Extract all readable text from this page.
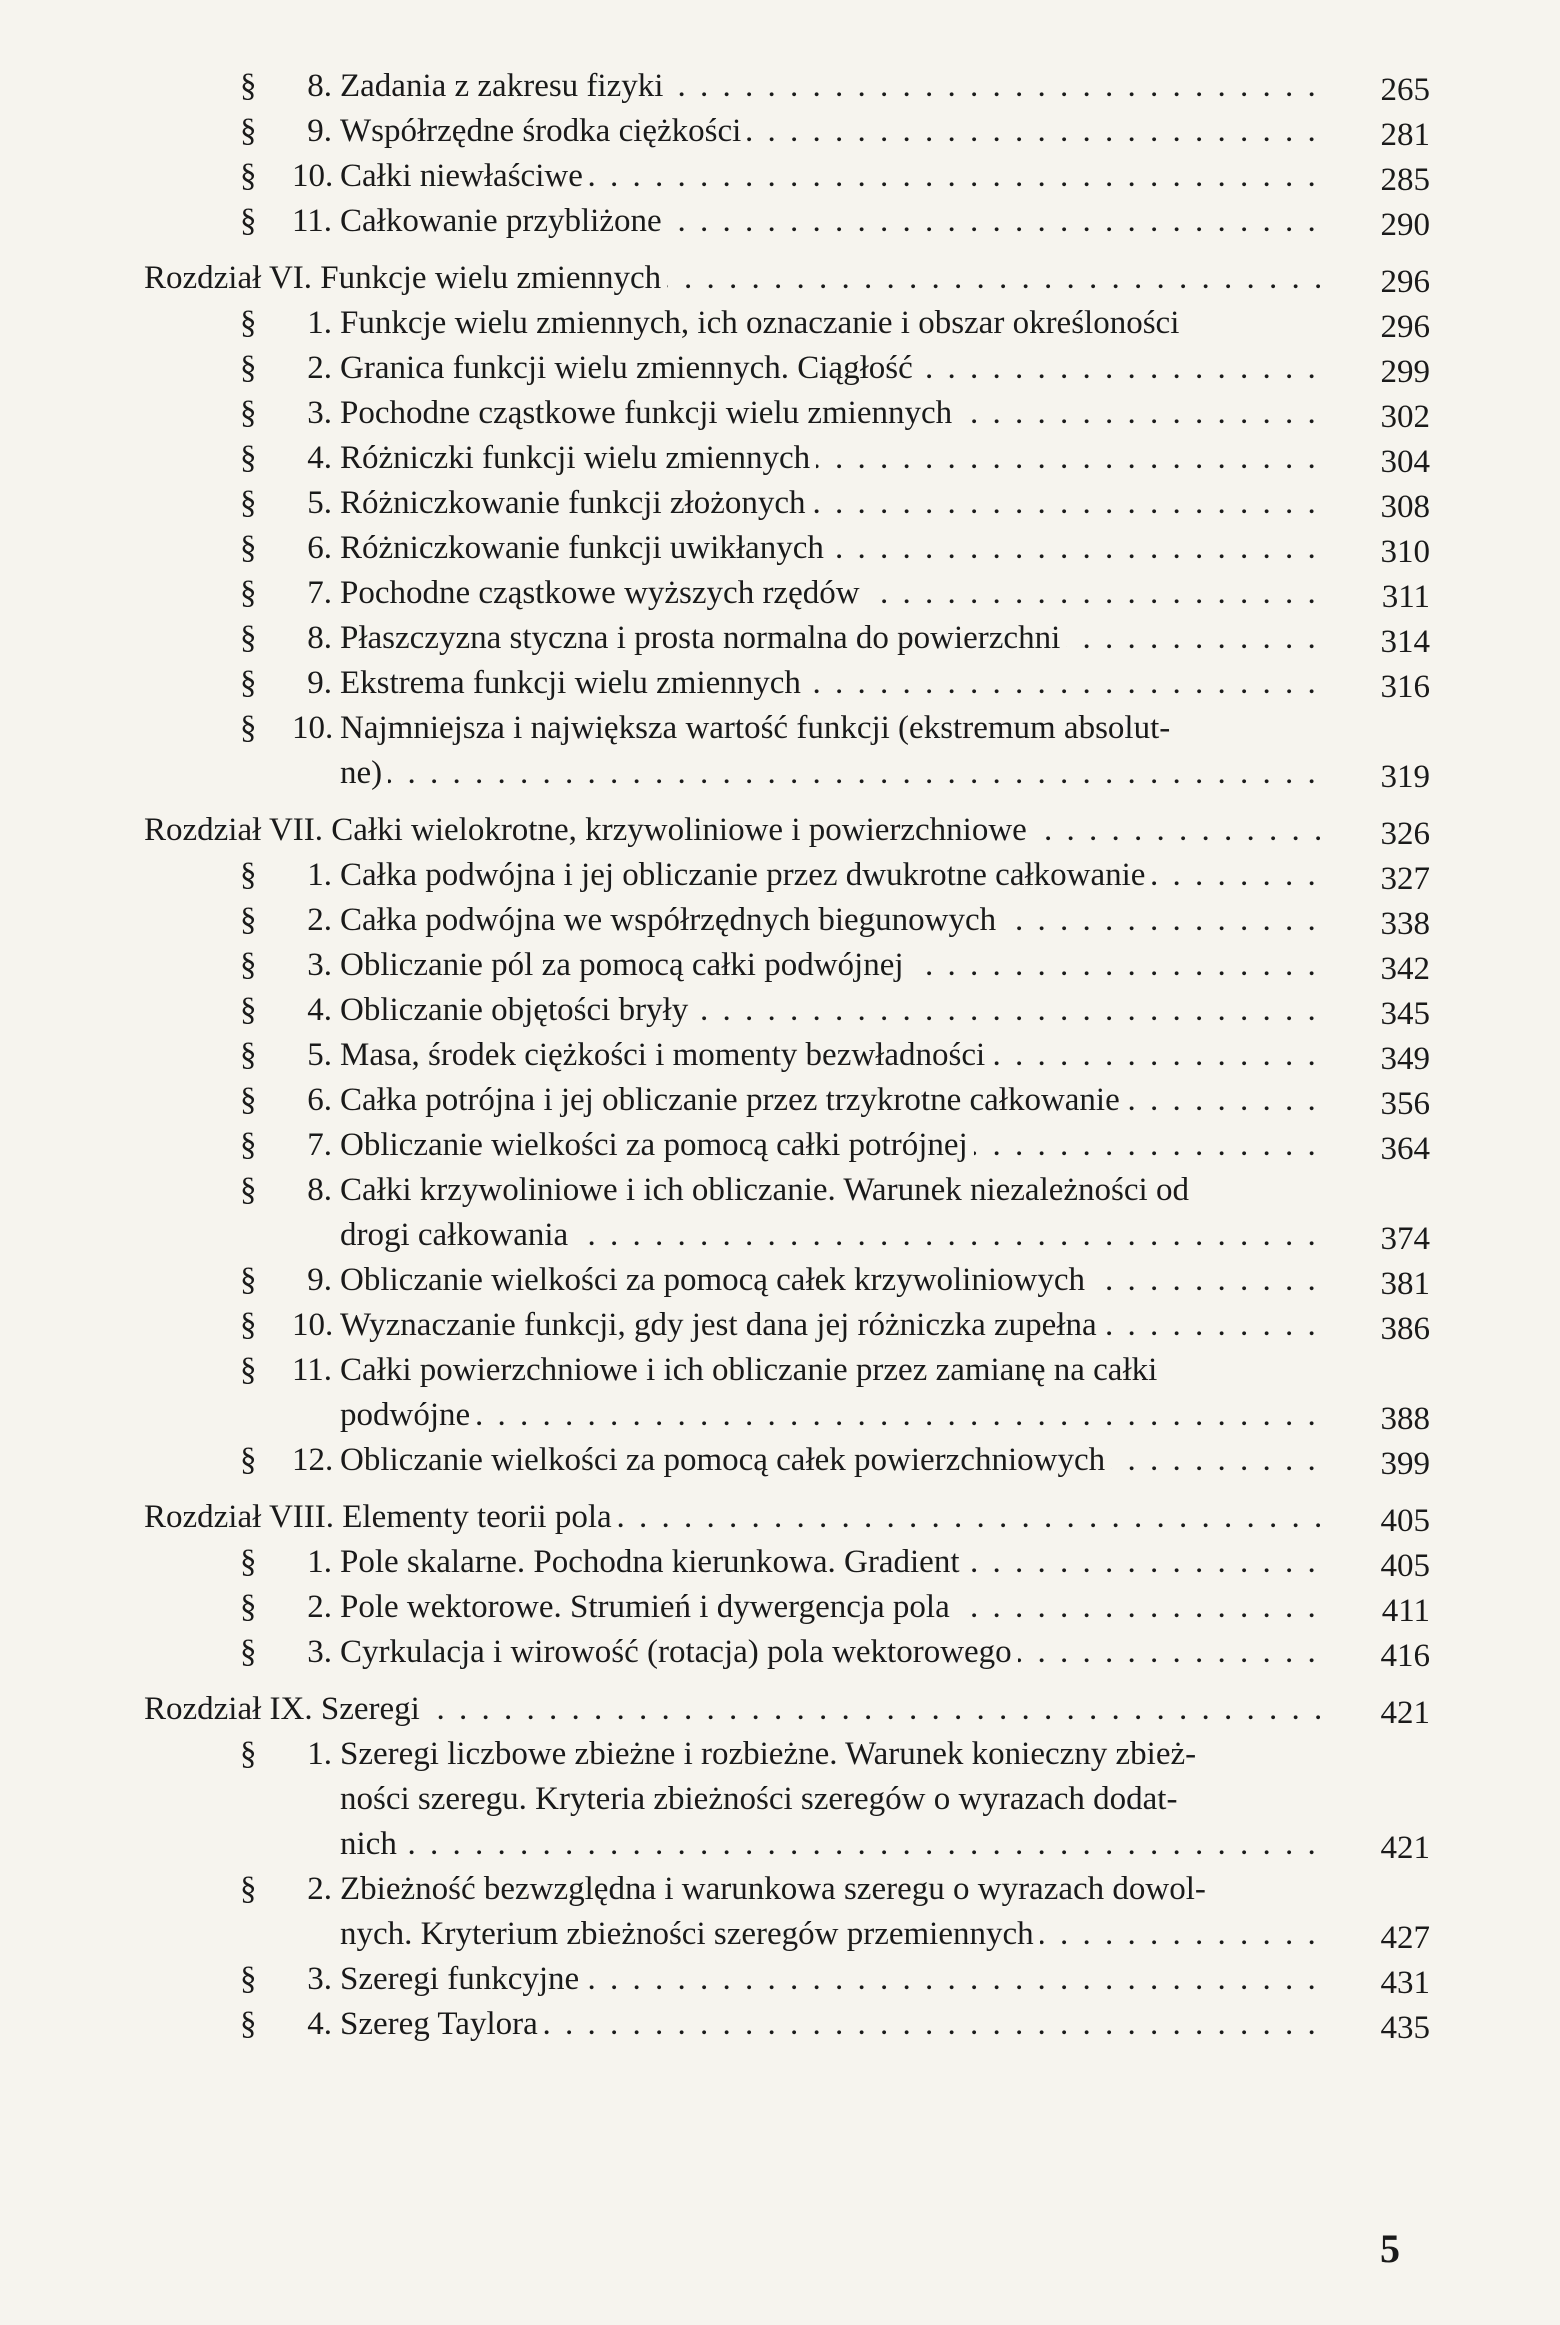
§	8. Zadania z zakresu fizyki . . .	265
§	9. Współrzędne środka ciężkości . . .	281
§ 10. Całki niewłaściwe . . .	285
§ 11. Całkowanie przybliżone . . .	290
Rozdział VI. Funkcje wielu zmiennych . . .	296
§	1. Funkcje wielu zmiennych, ich oznaczanie i obszar określoności	296
§	2. Granica funkcji wielu zmiennych. Ciągłość . . .	299
§	3. Pochodne cząstkowe funkcji wielu zmiennych . . .	302
§	4. Różniczki funkcji wielu zmiennych . . .	304
§	5. Różniczkowanie funkcji złożonych . . .	308
§	6. Różniczkowanie funkcji uwikłanych . . .	310
§	7. Pochodne cząstkowe wyższych rzędów . . .	311
§	8. Płaszczyzna styczna i prosta normalna do powierzchni . . .	314
§	9. Ekstrema funkcji wielu zmiennych . . .	316
§ 10. Najmniejsza i największa wartość funkcji (ekstremum absolut-
ne) . . .	319
Rozdział VII. Całki wielokrotne, krzywoliniowe i powierzchniowe . . .	326
§	1. Całka podwójna i jej obliczanie przez dwukrotne całkowanie . . .	327
§	2. Całka podwójna we współrzędnych biegunowych . . .	338
§	3. Obliczanie pól za pomocą całki podwójnej . . .	342
§	4. Obliczanie objętości bryły . . .	345
§	5. Masa, środek ciężkości i momenty bezwładności . . .	349
§	6. Całka potrójna i jej obliczanie przez trzykrotne całkowanie . . .	356
§	7. Obliczanie wielkości za pomocą całki potrójnej . . .	364
§	8. Całki krzywoliniowe i ich obliczanie. Warunek niezależności od
drogi całkowania . . .	374
§	9. Obliczanie wielkości za pomocą całek krzywoliniowych . . .	381
§ 10. Wyznaczanie funkcji, gdy jest dana jej różniczka zupełna . . .	386
§ 11. Całki powierzchniowe i ich obliczanie przez zamianę na całki
podwójne . . .	388
§ 12. Obliczanie wielkości za pomocą całek powierzchniowych . . .	399
Rozdział VIII. Elementy teorii pola . . .	405
§	1. Pole skalarne. Pochodna kierunkowa. Gradient . . .	405
§	2. Pole wektorowe. Strumień i dywergencja pola . . .	411
§	3. Cyrkulacja i wirowość (rotacja) pola wektorowego . . .	416
Rozdział IX. Szeregi . . .	421
§	1. Szeregi liczbowe zbieżne i rozbieżne. Warunek konieczny zbież-
ności szeregu. Kryteria zbieżności szeregów o wyrazach dodat-
nich . . .	421
§	2. Zbieżność bezwzględna i warunkowa szeregu o wyrazach dowol-
nych. Kryterium zbieżności szeregów przemiennych . . .	427
§	3. Szeregi funkcyjne . . .	431
§	4. Szereg Taylora . . .	435
5
